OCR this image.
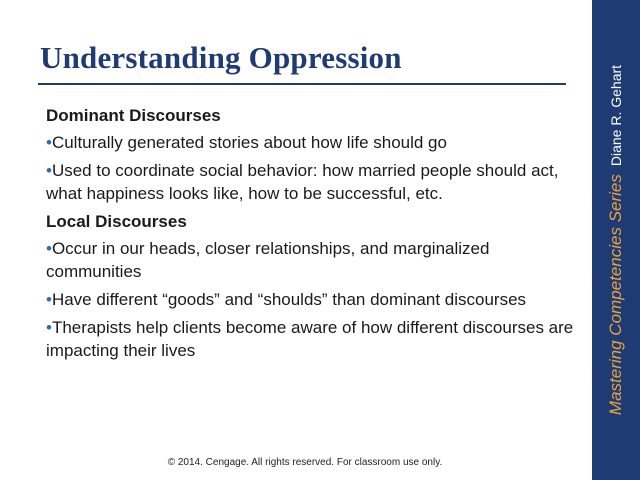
Understanding Oppression
Dominant Discourses
•Culturally generated stories about how life should go
•Used to coordinate social behavior: how married people should act, what happiness looks like, how to be successful, etc.
Local Discourses
•Occur in our heads, closer relationships, and marginalized communities
•Have different “goods” and “shoulds” than dominant discourses
•Therapists help clients become aware of how different discourses are impacting their lives
© 2014. Cengage. All rights reserved. For classroom use only.
Mastering Competencies SeriesDiane R. Gehart
